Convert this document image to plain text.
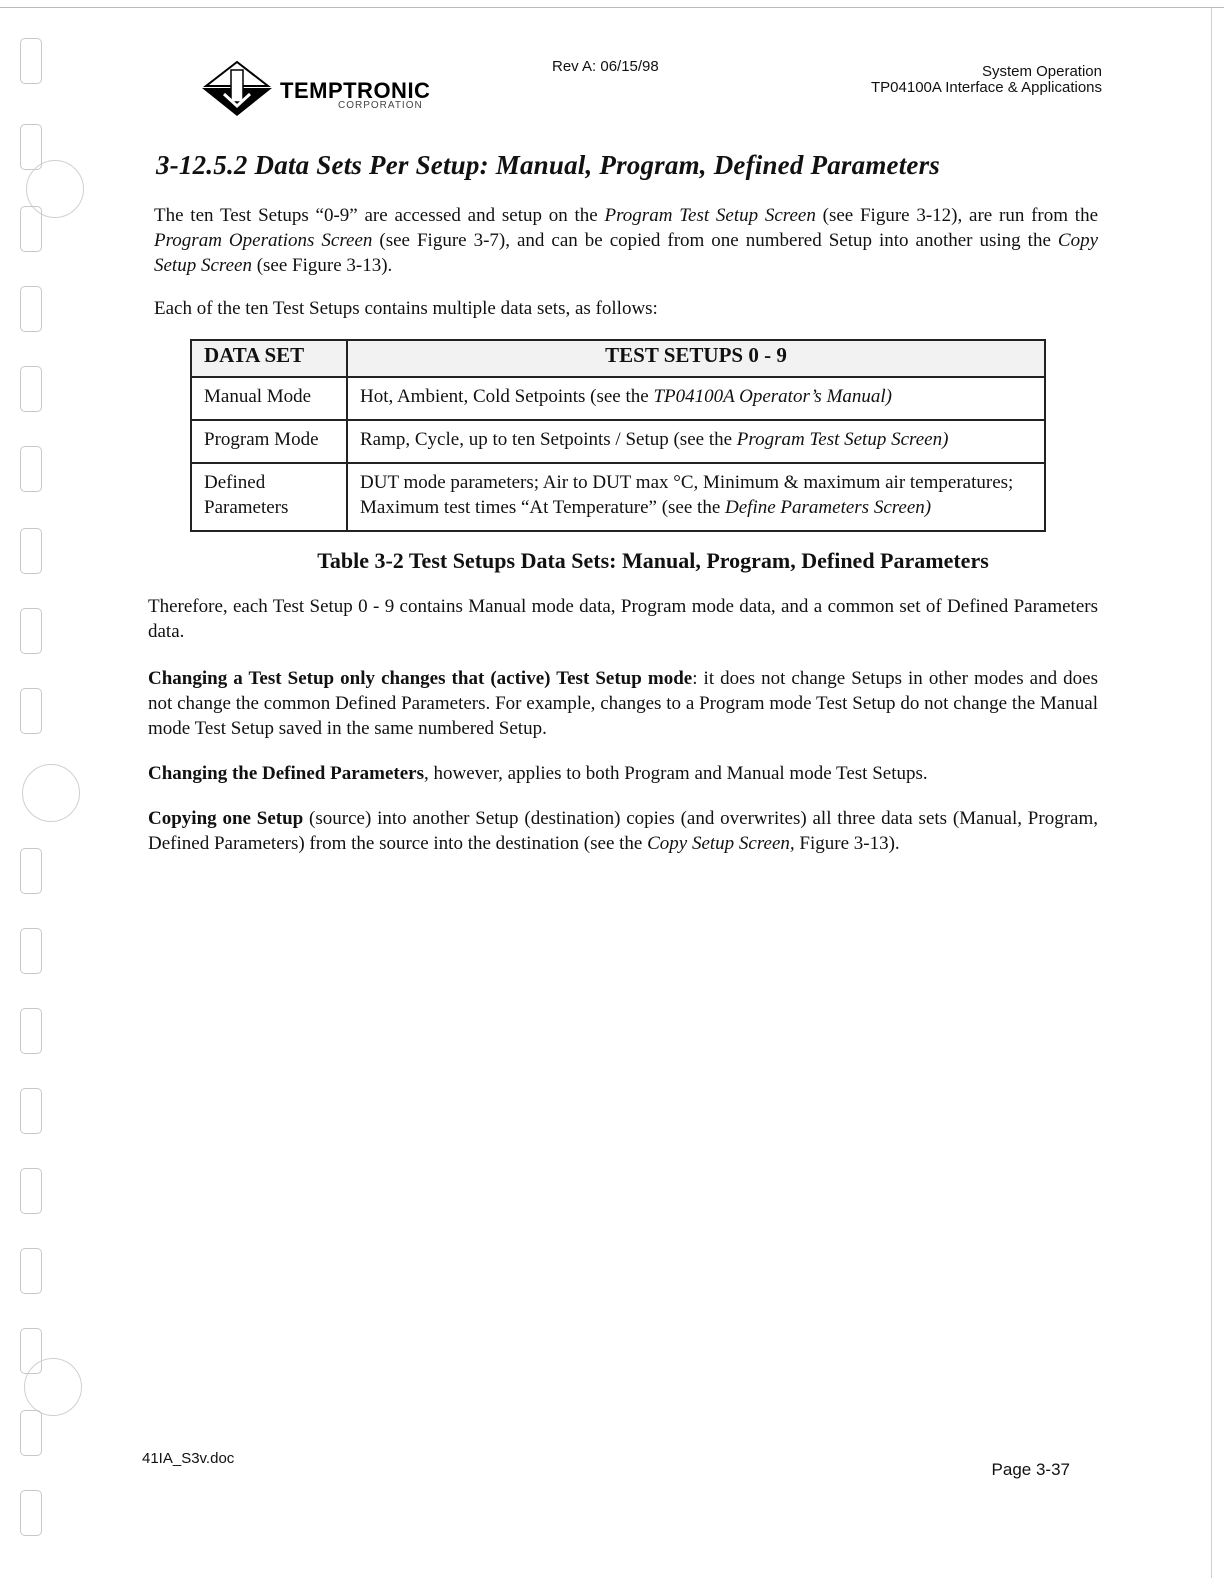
TEMPTRONIC
CORPORATION
Rev A: 06/15/98	System Operation
TP04100A Interface & Applications
3-12.5.2 Data Sets Per Setup: Manual, Program, Defined Parameters

The ten Test Setups “0-9” are accessed and setup on the Program Test Setup Screen (see Figure 3-12), are run from the Program Operations Screen (see Figure 3-7), and can be copied from one numbered Setup into another using the Copy Setup Screen (see Figure 3-13).

Each of the ten Test Setups contains multiple data sets, as follows:

DATA SET	TEST SETUPS 0 - 9
Manual Mode	Hot, Ambient, Cold Setpoints (see the TP04100A Operator’s Manual)
Program Mode	Ramp, Cycle, up to ten Setpoints / Setup (see the Program Test Setup Screen)
Defined Parameters	DUT mode parameters; Air to DUT max °C, Minimum & maximum air temperatures; Maximum test times “At Temperature” (see the Define Parameters Screen)
Table 3-2 Test Setups Data Sets: Manual, Program, Defined Parameters

Therefore, each Test Setup 0 - 9 contains Manual mode data, Program mode data, and a common set of Defined Parameters data.

Changing a Test Setup only changes that (active) Test Setup mode: it does not change Setups in other modes and does not change the common Defined Parameters. For example, changes to a Program mode Test Setup do not change the Manual mode Test Setup saved in the same numbered Setup.

Changing the Defined Parameters, however, applies to both Program and Manual mode Test Setups.

Copying one Setup (source) into another Setup (destination) copies (and overwrites) all three data sets (Manual, Program, Defined Parameters) from the source into the destination (see the Copy Setup Screen, Figure 3-13).

41IA_S3v.doc
Page 3-37
